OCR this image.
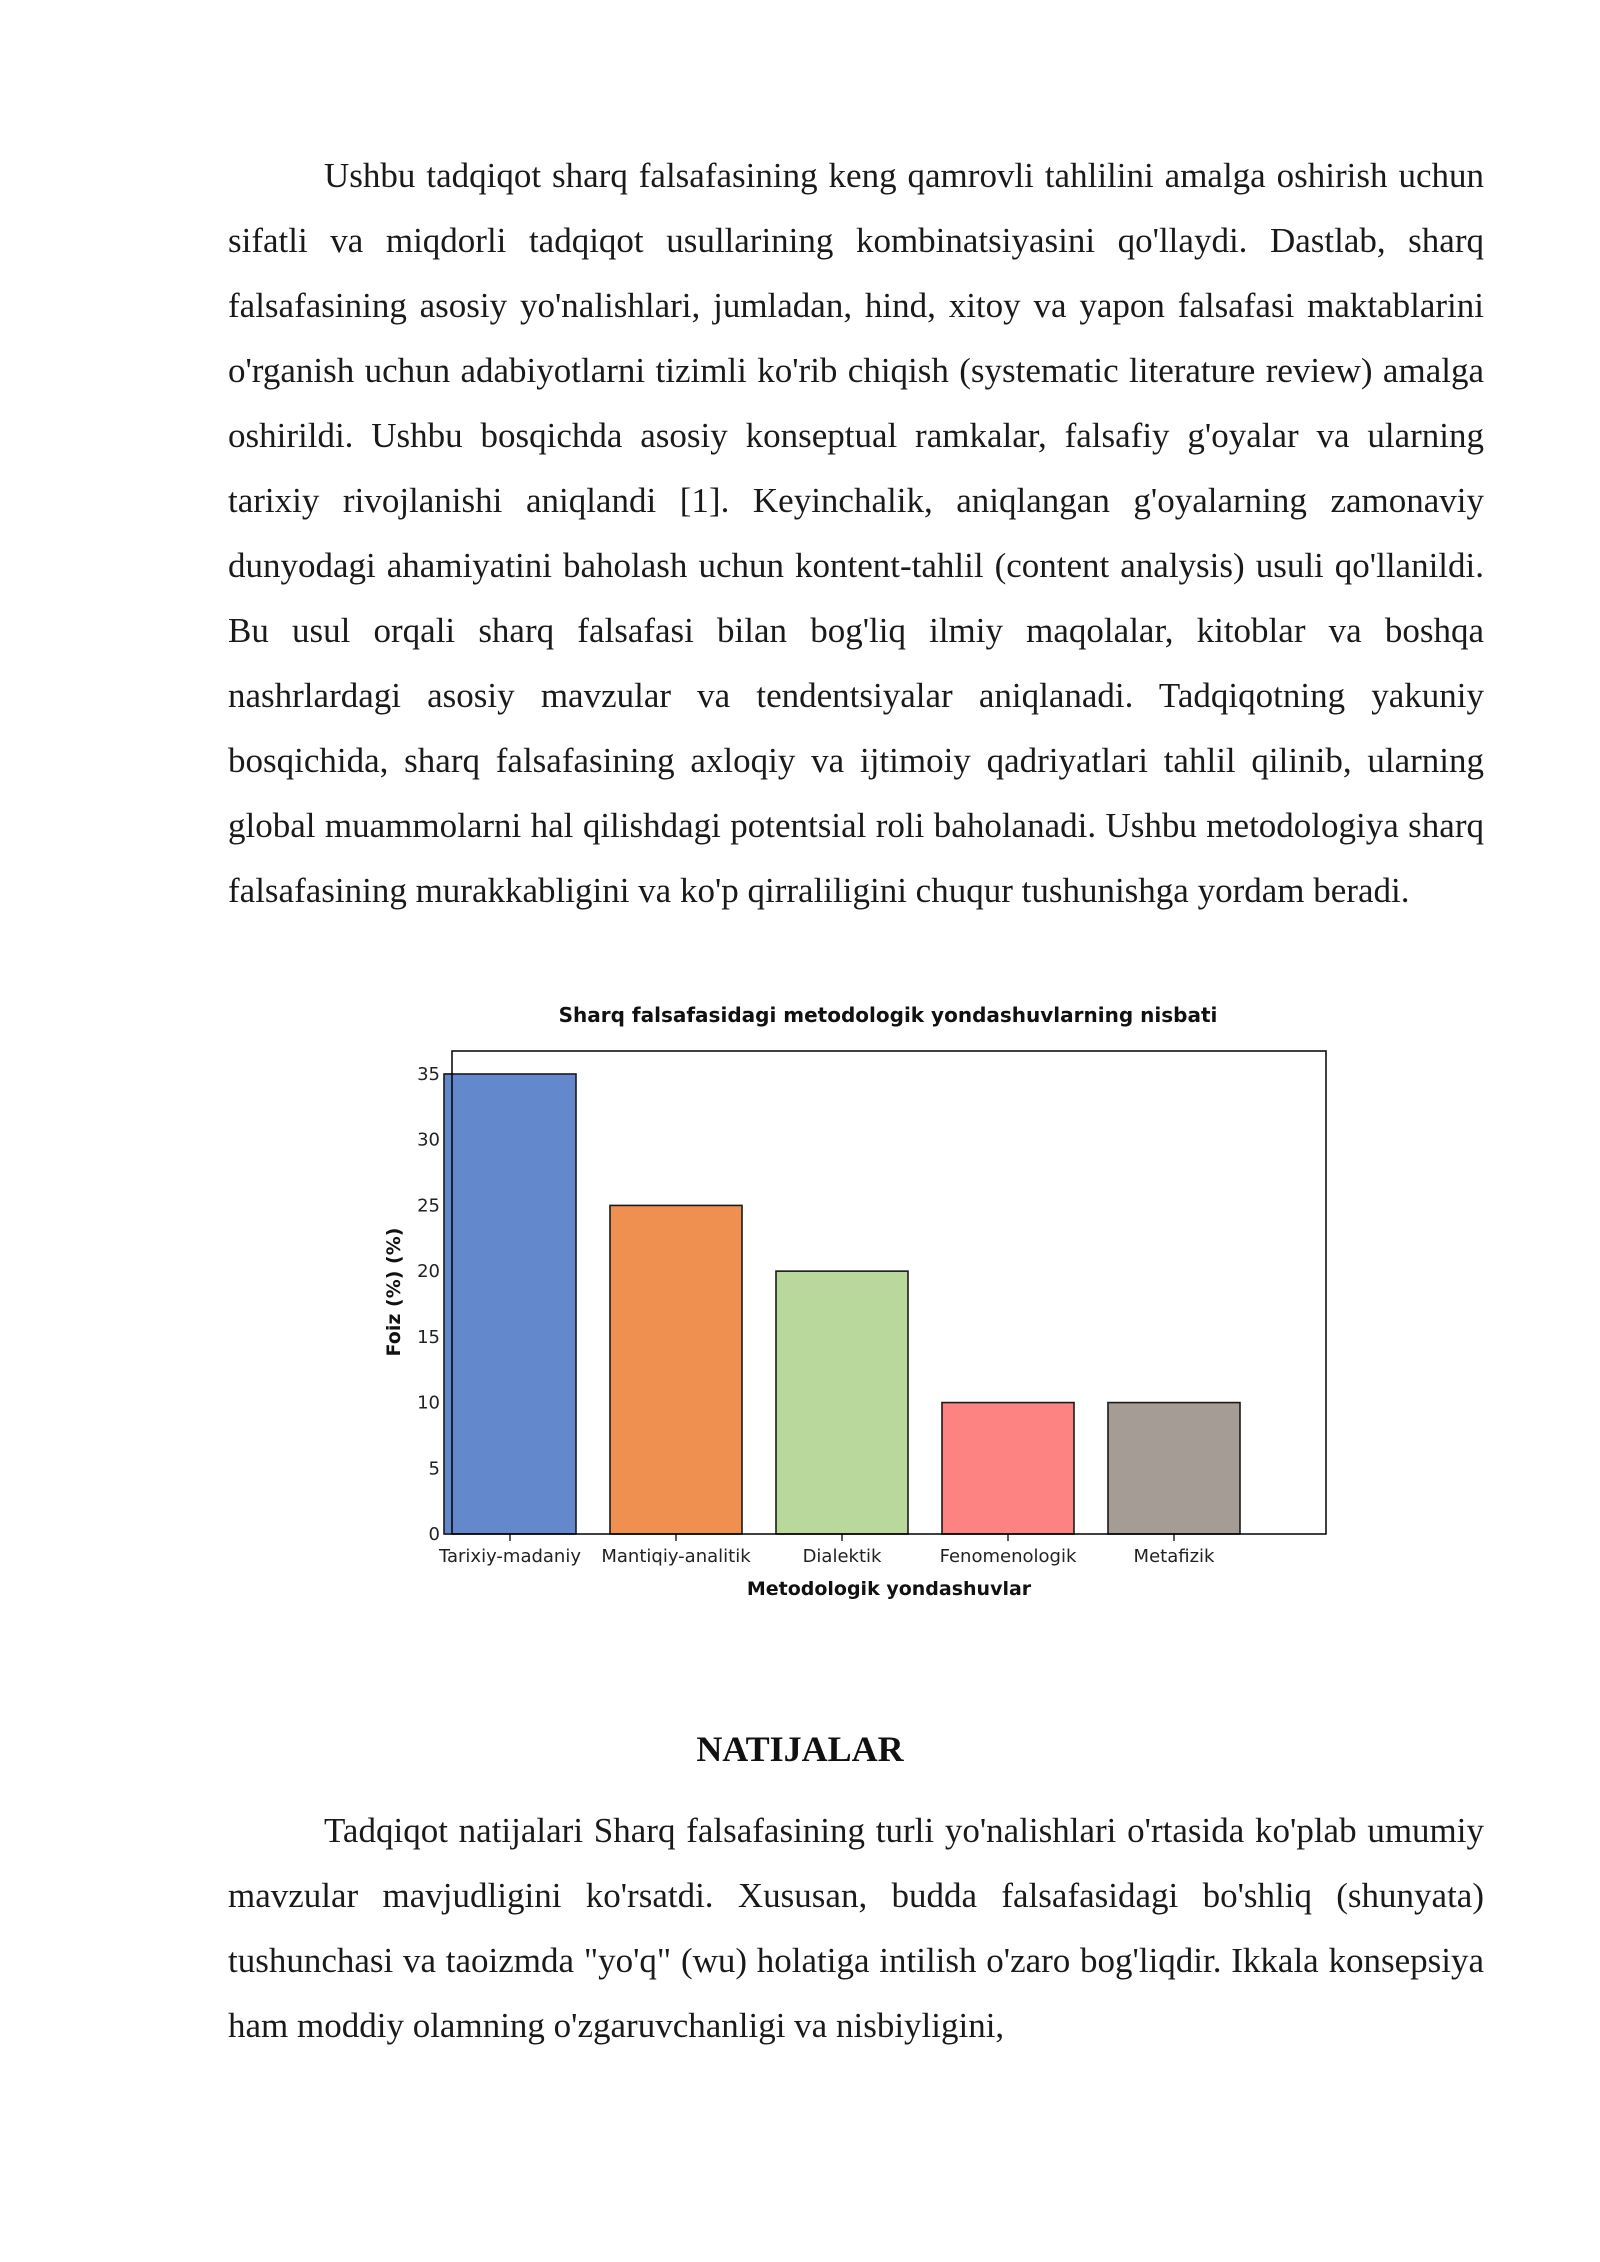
Ushbu tadqiqot sharq falsafasining keng qamrovli tahlilini amalga oshirish uchun sifatli va miqdorli tadqiqot usullarining kombinatsiyasini qo'llaydi. Dastlab, sharq falsafasining asosiy yo'nalishlari, jumladan, hind, xitoy va yapon falsafasi maktablarini o'rganish uchun adabiyotlarni tizimli ko'rib chiqish (systematic literature review) amalga oshirildi. Ushbu bosqichda asosiy konseptual ramkalar, falsafiy g'oyalar va ularning tarixiy rivojlanishi aniqlandi [1]. Keyinchalik, aniqlangan g'oyalarning zamonaviy dunyodagi ahamiyatini baholash uchun kontent-tahlil (content analysis) usuli qo'llanildi. Bu usul orqali sharq falsafasi bilan bog'liq ilmiy maqolalar, kitoblar va boshqa nashrlardagi asosiy mavzular va tendentsiyalar aniqlanadi. Tadqiqotning yakuniy bosqichida, sharq falsafasining axloqiy va ijtimoiy qadriyatlari tahlil qilinib, ularning global muammolarni hal qilishdagi potentsial roli baholanadi. Ushbu metodologiya sharq falsafasining murakkabligini va ko'p qirraliligini chuqur tushunishga yordam beradi.

Sharq falsafasidagi metodologik yondashuvlarning nisbati
0
5
10
15
20
25
30
35
Tarixiy-madaniy Mantiqiy-analitik	Dialektik	Fenomenologik	Metafizik
Metodologik yondashuvlar
Foiz (%) (%)
NATIJALAR

Tadqiqot natijalari Sharq falsafasining turli yo'nalishlari o'rtasida ko'plab umumiy mavzular mavjudligini ko'rsatdi. Xususan, budda falsafasidagi bo'shliq (shunyata) tushunchasi va taoizmda "yo'q" (wu) holatiga intilish o'zaro bog'liqdir. Ikkala konsepsiya ham moddiy olamning o'zgaruvchanligi va nisbiyligini,
